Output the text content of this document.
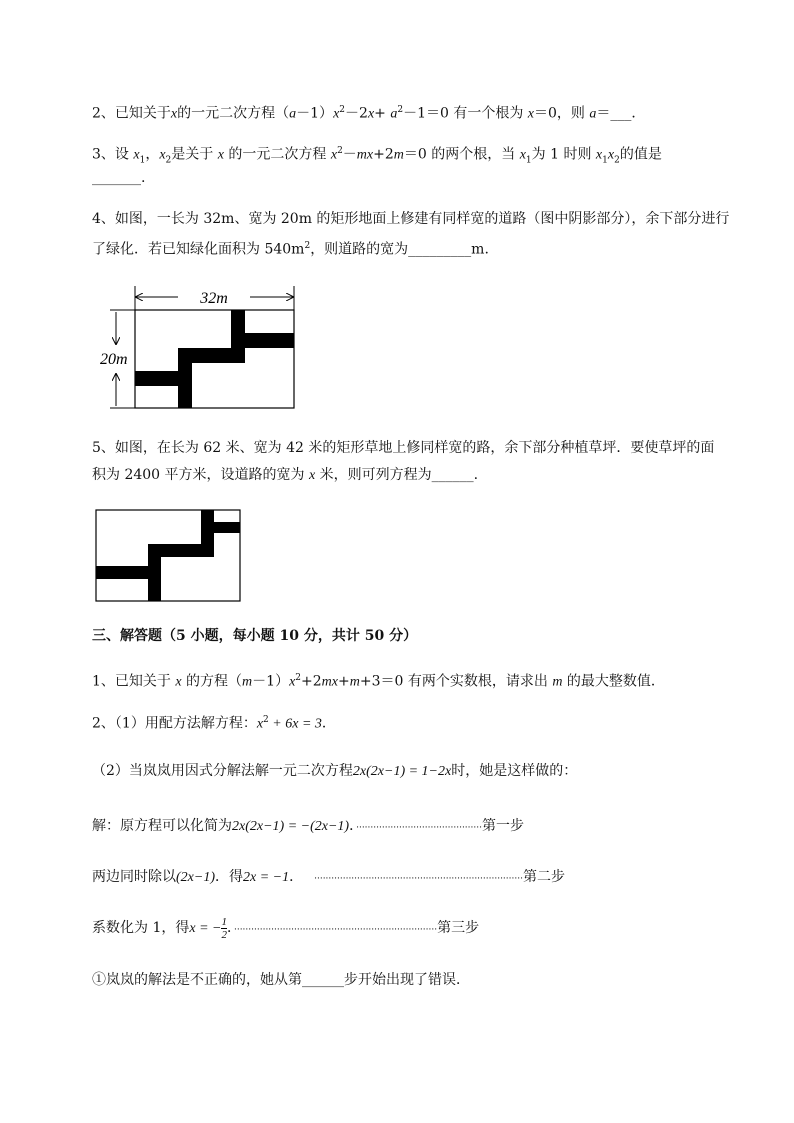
2、已知关于x的一元二次方程$(a-1)x^2-2x+ a^2-1=0$ 有一个根为 x＝0，则 a＝___．
3、设 $x_1$，$x_2$是关于 x 的一元二次方程 $x^2-mx+2m=0$ 的两个根，当 $x_1$为 1 时则 $x_1x_2$的值是
_______.
4、如图，一长为 32m、宽为 20m 的矩形地面上修建有同样宽的道路（图中阴影部分），余下部分进行
了绿化．若已知绿化面积为 $540m^2$，则道路的宽为_________m.
32m
20m
5、如图，在长为 62 米、宽为 42 米的矩形草地上修同样宽的路，余下部分种植草坪．要使草坪的面
积为 2400 平方米，设道路的宽为 x 米，则可列方程为______.
三、解答题（5 小题，每小题 10 分，共计 50 分）
1、已知关于 x 的方程$(m-1)x^2+2mx+m+3=0$ 有两个实数根，请求出 m 的最大整数值．
2、（1）用配方法解方程：$x^2 + 6x = 3$．
（2）当岚岚用因式分解法解一元二次方程2x(2x−1) = 1−2x时，她是这样做的：
解：原方程可以化简为2x(2x−1) = −(2x−1)．············································第一步
两边同时除以(2x−1)．得2x = −1． ·········································································第二步
系数化为 1，得x = − $\frac{1}{2}$ ．·······································································第三步
①岚岚的解法是不正确的，她从第______步开始出现了错误．
